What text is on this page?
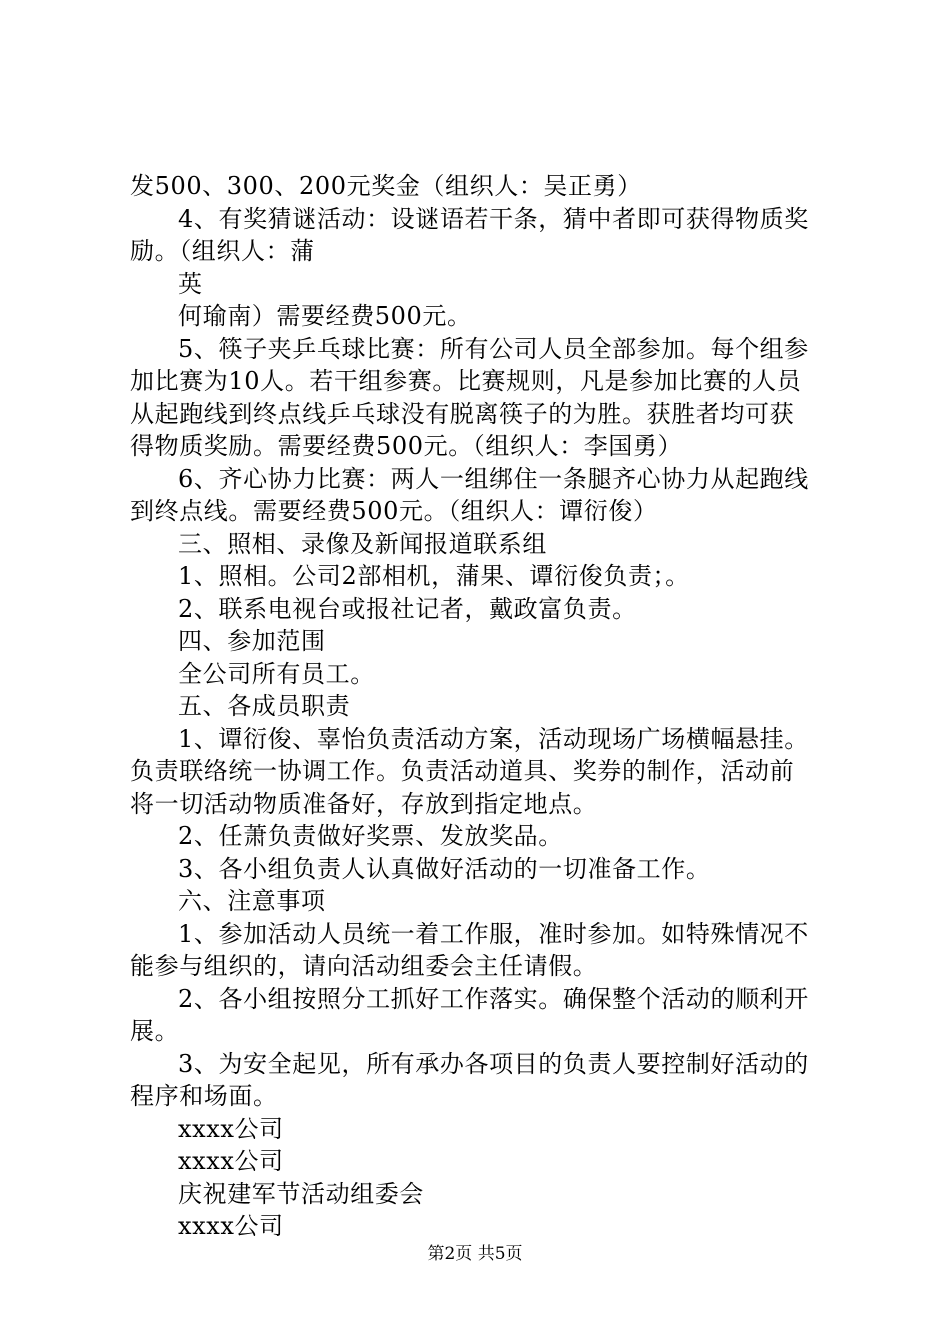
发500、300、200元奖金（组织人：吴正勇）
4、有奖猜谜活动：设谜语若干条，猜中者即可获得物质奖
励。（组织人：蒲
英
何瑜南）需要经费500元。
5、筷子夹乒乓球比赛：所有公司人员全部参加。每个组参
加比赛为10人。若干组参赛。比赛规则，凡是参加比赛的人员
从起跑线到终点线乒乓球没有脱离筷子的为胜。获胜者均可获
得物质奖励。需要经费500元。（组织人：李国勇）
6、齐心协力比赛：两人一组绑住一条腿齐心协力从起跑线
到终点线。需要经费500元。（组织人：谭衍俊）
三、照相、录像及新闻报道联系组
1、照相。公司2部相机，蒲果、谭衍俊负责；。
2、联系电视台或报社记者，戴政富负责。
四、参加范围
全公司所有员工。
五、各成员职责
1、谭衍俊、辜怡负责活动方案，活动现场广场横幅悬挂。
负责联络统一协调工作。负责活动道具、奖券的制作，活动前
将一切活动物质准备好，存放到指定地点。
2、任萧负责做好奖票、发放奖品。
3、各小组负责人认真做好活动的一切准备工作。
六、注意事项
1、参加活动人员统一着工作服，准时参加。如特殊情况不
能参与组织的，请向活动组委会主任请假。
2、各小组按照分工抓好工作落实。确保整个活动的顺利开
展。
3、为安全起见，所有承办各项目的负责人要控制好活动的
程序和场面。
xxxx公司
xxxx公司
庆祝建军节活动组委会
xxxx公司
第2页 共5页
